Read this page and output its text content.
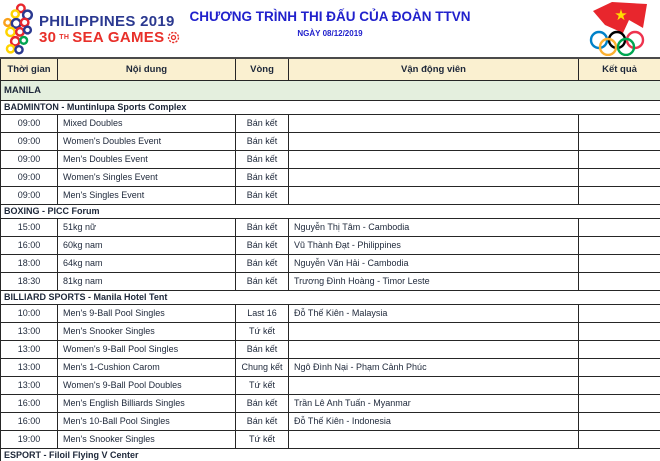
PHILIPPINES 2019
30 TH SEA GAMES
CHƯƠNG TRÌNH THI ĐẤU CỦA ĐOÀN TTVN
NGÀY 08/12/2019
★
Thời gian	Nội dung	Vòng	Vận động viên	Kết quả
MANILA				
BADMINTON - Muntinlupa Sports Complex				
09:00	Mixed Doubles	Bán kết		
09:00	Women's Doubles Event	Bán kết		
09:00	Men's Doubles Event	Bán kết		
09:00	Women's Singles Event	Bán kết		
09:00	Men's Singles Event	Bán kết		
BOXING - PICC Forum				
15:00	51kg nữ	Bán kết	Nguyễn Thị Tâm - Cambodia	
16:00	60kg nam	Bán kết	Vũ Thành Đạt - Philippines	
18:00	64kg nam	Bán kết	Nguyễn Văn Hải - Cambodia	
18:30	81kg nam	Bán kết	Trương Đình Hoàng - Timor Leste	
BILLIARD SPORTS - Manila Hotel Tent				
10:00	Men's 9-Ball Pool Singles	Last 16	Đỗ Thế Kiên - Malaysia	
13:00	Men's Snooker Singles	Tứ kết		
13:00	Women's 9-Ball Pool Singles	Bán kết		
13:00	Men's 1-Cushion Carom	Chung kết	Ngô Đình Nại - Phạm Cảnh Phúc	
13:00	Women's 9-Ball Pool Doubles	Tứ kết		
16:00	Men's English Billiards Singles	Bán kết	Trần Lê Anh Tuấn - Myanmar	
16:00	Men's 10-Ball Pool Singles	Bán kết	Đỗ Thế Kiên - Indonesia	
19:00	Men's Snooker Singles	Tứ kết		
ESPORT - Filoil Flying V Center				
